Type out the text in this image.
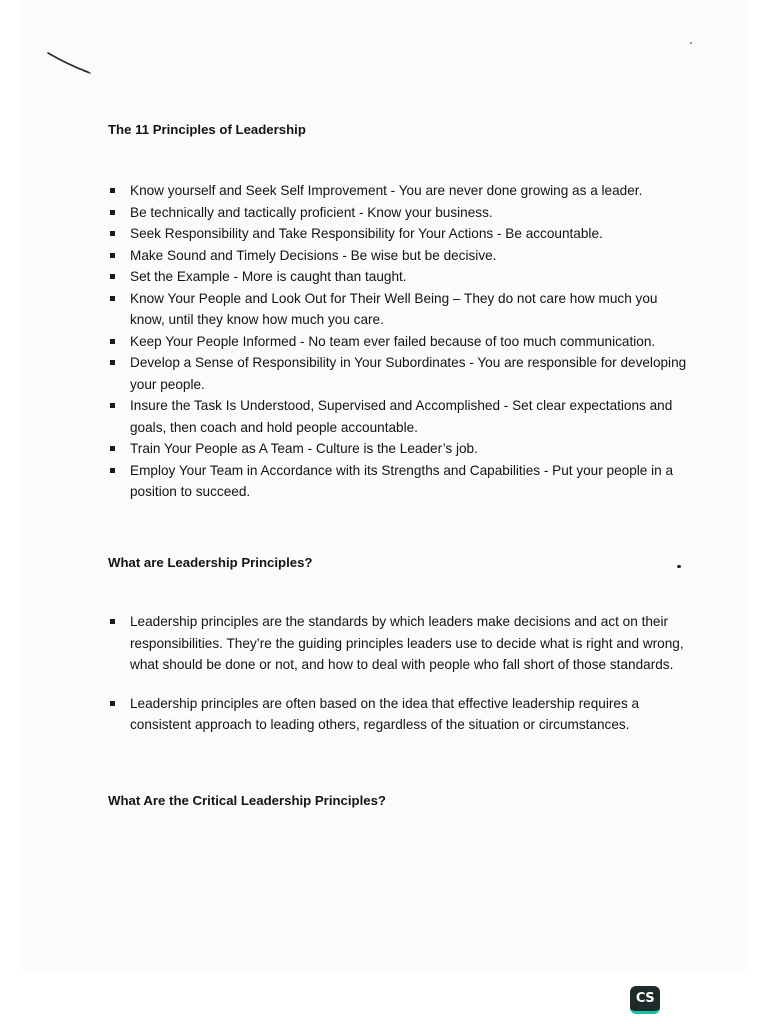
The 11 Principles of Leadership
Know yourself and Seek Self Improvement - You are never done growing as a leader.
Be technically and tactically proficient - Know your business.
Seek Responsibility and Take Responsibility for Your Actions - Be accountable.
Make Sound and Timely Decisions - Be wise but be decisive.
Set the Example - More is caught than taught.
Know Your People and Look Out for Their Well Being – They do not care how much you know, until they know how much you care.
Keep Your People Informed - No team ever failed because of too much communication.
Develop a Sense of Responsibility in Your Subordinates - You are responsible for developing your people.
Insure the Task Is Understood, Supervised and Accomplished - Set clear expectations and goals, then coach and hold people accountable.
Train Your People as A Team - Culture is the Leader’s job.
Employ Your Team in Accordance with its Strengths and Capabilities - Put your people in a position to succeed.
What are Leadership Principles?
Leadership principles are the standards by which leaders make decisions and act on their responsibilities. They’re the guiding principles leaders use to decide what is right and wrong, what should be done or not, and how to deal with people who fall short of those standards.
Leadership principles are often based on the idea that effective leadership requires a consistent approach to leading others, regardless of the situation or circumstances.
What Are the Critical Leadership Principles?
CS
